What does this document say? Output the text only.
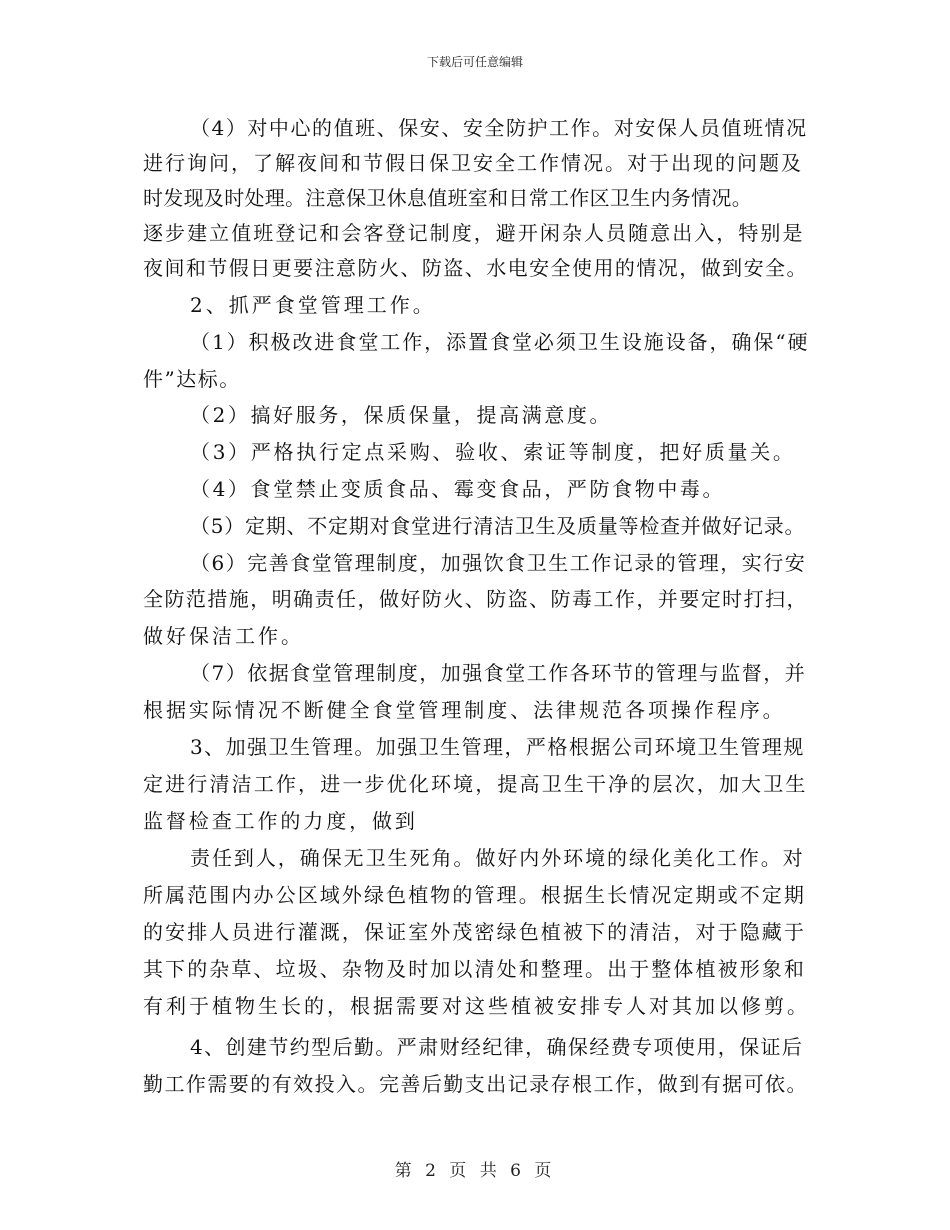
下载后可任意编辑
（4）对中心的值班、保安、安全防护工作。对安保人员值班情况
进行询问，了解夜间和节假日保卫安全工作情况。对于出现的问题及
时发现及时处理。注意保卫休息值班室和日常工作区卫生内务情况。
逐步建立值班登记和会客登记制度，避开闲杂人员随意出入，特别是
夜间和节假日更要注意防火、防盗、水电安全使用的情况，做到安全。
2、抓严食堂管理工作。
（1）积极改进食堂工作，添置食堂必须卫生设施设备，确保“硬
件”达标。
（2）搞好服务，保质保量，提高满意度。
（3）严格执行定点采购、验收、索证等制度，把好质量关。
（4）食堂禁止变质食品、霉变食品，严防食物中毒。
（5）定期、不定期对食堂进行清洁卫生及质量等检查并做好记录。
（6）完善食堂管理制度，加强饮食卫生工作记录的管理，实行安
全防范措施，明确责任，做好防火、防盗、防毒工作，并要定时打扫，
做好保洁工作。
（7）依据食堂管理制度，加强食堂工作各环节的管理与监督，并
根据实际情况不断健全食堂管理制度、法律规范各项操作程序。
3、加强卫生管理。加强卫生管理，严格根据公司环境卫生管理规
定进行清洁工作，进一步优化环境，提高卫生干净的层次，加大卫生
监督检查工作的力度，做到
责任到人，确保无卫生死角。做好内外环境的绿化美化工作。对
所属范围内办公区域外绿色植物的管理。根据生长情况定期或不定期
的安排人员进行灌溉，保证室外茂密绿色植被下的清洁，对于隐藏于
其下的杂草、垃圾、杂物及时加以清处和整理。出于整体植被形象和
有利于植物生长的，根据需要对这些植被安排专人对其加以修剪。
4、创建节约型后勤。严肃财经纪律，确保经费专项使用，保证后
勤工作需要的有效投入。完善后勤支出记录存根工作，做到有据可依。
第 2 页 共 6 页
